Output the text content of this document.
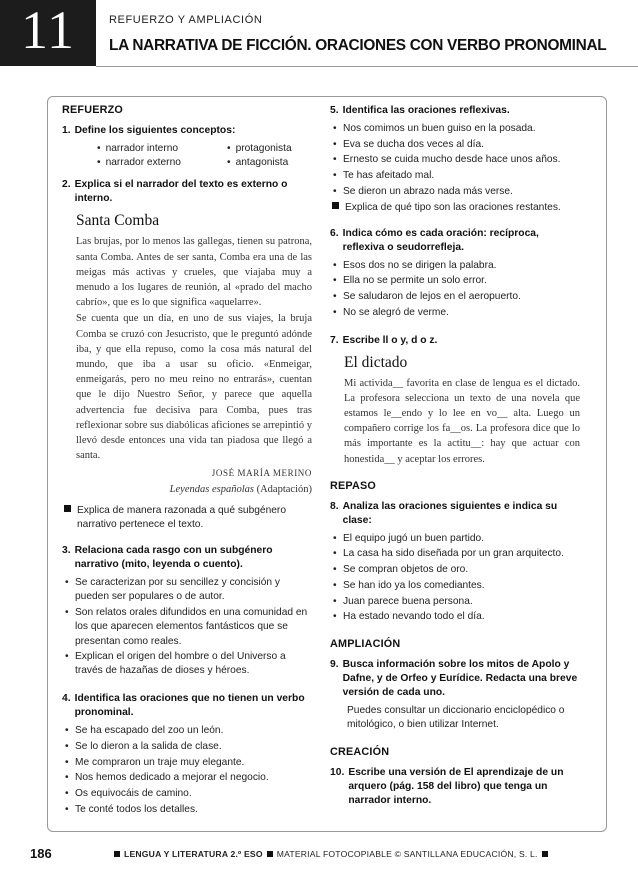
11	REFUERZO Y AMPLIACIÓN
LA NARRATIVA DE FICCIÓN. ORACIONES CON VERBO PRONOMINAL
REFUERZO
1. Define los siguientes conceptos:
• narrador interno	• protagonista
• narrador externo	• antagonista
2. Explica si el narrador del texto es externo o interno.
Santa Comba

Las brujas, por lo menos las gallegas, tienen su patrona, santa Comba. Antes de ser santa, Comba era una de las meigas más activas y crueles, que viajaba muy a menudo a los lugares de reunión, al «prado del macho cabrío», que es lo que significa «aquelarre».

Se cuenta que un día, en uno de sus viajes, la bruja Comba se cruzó con Jesucristo, que le preguntó adónde iba, y que ella repuso, como la cosa más natural del mundo, que iba a usar su oficio. «Enmeigar, enmeigarás, pero no meu reino no entrarás», cuentan que le dijo Nuestro Señor, y parece que aquella advertencia fue decisiva para Comba, pues tras reflexionar sobre sus diabólicas aficiones se arrepintió y llevó desde entonces una vida tan piadosa que llegó a santa.

JOSÉ MARÍA MERINO
Leyendas españolas (Adaptación)
Explica de manera razonada a qué subgénero narrativo pertenece el texto.
3. Relaciona cada rasgo con un subgénero narrativo (mito, leyenda o cuento).
• Se caracterizan por su sencillez y concisión y pueden ser populares o de autor.
• Son relatos orales difundidos en una comunidad en los que aparecen elementos fantásticos que se presentan como reales.
• Explican el origen del hombre o del Universo a través de hazañas de dioses y héroes.
4. Identifica las oraciones que no tienen un verbo pronominal.
• Se ha escapado del zoo un león.
• Se lo dieron a la salida de clase.
• Me compraron un traje muy elegante.
• Nos hemos dedicado a mejorar el negocio.
• Os equivocáis de camino.
• Te conté todos los detalles.
5. Identifica las oraciones reflexivas.
• Nos comimos un buen guiso en la posada.
• Eva se ducha dos veces al día.
• Ernesto se cuida mucho desde hace unos años.
• Te has afeitado mal.
• Se dieron un abrazo nada más verse.
Explica de qué tipo son las oraciones restantes.
6. Indica cómo es cada oración: recíproca, reflexiva o seudorrefleja.
• Esos dos no se dirigen la palabra.
• Ella no se permite un solo error.
• Se saludaron de lejos en el aeropuerto.
• No se alegró de verme.
7. Escribe ll o y, d o z.
El dictado

Mi activida__ favorita en clase de lengua es el dictado. La profesora selecciona un texto de una novela que estamos le__endo y lo lee en vo__ alta. Luego un compañero corrige los fa__os. La profesora dice que lo más importante es la actitu__: hay que actuar con honestida__ y aceptar los errores.

REPASO
8. Analiza las oraciones siguientes e indica su clase:
• El equipo jugó un buen partido.
• La casa ha sido diseñada por un gran arquitecto.
• Se compran objetos de oro.
• Se han ido ya los comediantes.
• Juan parece buena persona.
• Ha estado nevando todo el día.
AMPLIACIÓN
9. Busca información sobre los mitos de Apolo y Dafne, y de Orfeo y Eurídice. Redacta una breve versión de cada uno.
Puedes consultar un diccionario enciclopédico o mitológico, o bien utilizar Internet.
CREACIÓN
10. Escribe una versión de El aprendizaje de un arquero (pág. 158 del libro) que tenga un narrador interno.
186	LENGUA Y LITERATURA 2.º ESO MATERIAL FOTOCOPIABLE © SANTILLANA EDUCACIÓN, S. L.
